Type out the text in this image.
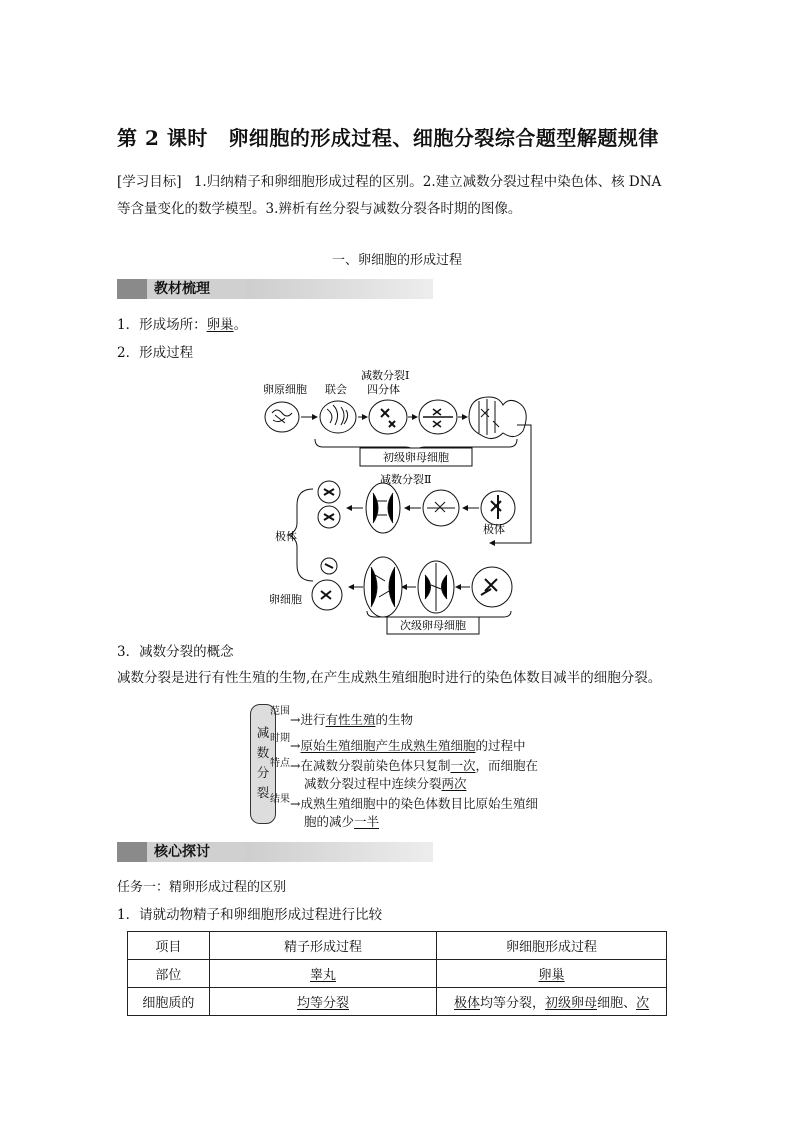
第 2 课时　卵细胞的形成过程、细胞分裂综合题型解题规律
[学习目标] 1.归纳精子和卵细胞形成过程的区别。2.建立减数分裂过程中染色体、核 DNA
等含量变化的数学模型。3.辨析有丝分裂与减数分裂各时期的图像。
一、卵细胞的形成过程
教材梳理
1．形成场所：卵巢。
2．形成过程
卵原细胞 联会
减数分裂Ⅰ
四分体
初级卵母细胞
减数分裂Ⅱ
极体
极体
卵细胞
次级卵母细胞
3．减数分裂的概念
减数分裂是进行有性生殖的生物,在产生成熟生殖细胞时进行的染色体数目减半的细胞分裂。
减
数
分
裂
范围
→进行有性生殖的生物
时期 →原始生殖细胞产生成熟生殖细胞的过程中
特点 →在减数分裂前染色体只复制一次，而细胞在
减数分裂过程中连续分裂两次
结果 →成熟生殖细胞中的染色体数目比原始生殖细
胞的减少一半
核心探讨
任务一：精卵形成过程的区别
1．请就动物精子和卵细胞形成过程进行比较
项目	精子形成过程	卵细胞形成过程
部位	睾丸	卵巢
细胞质的	均等分裂	极体均等分裂，初级卵母细胞、次
